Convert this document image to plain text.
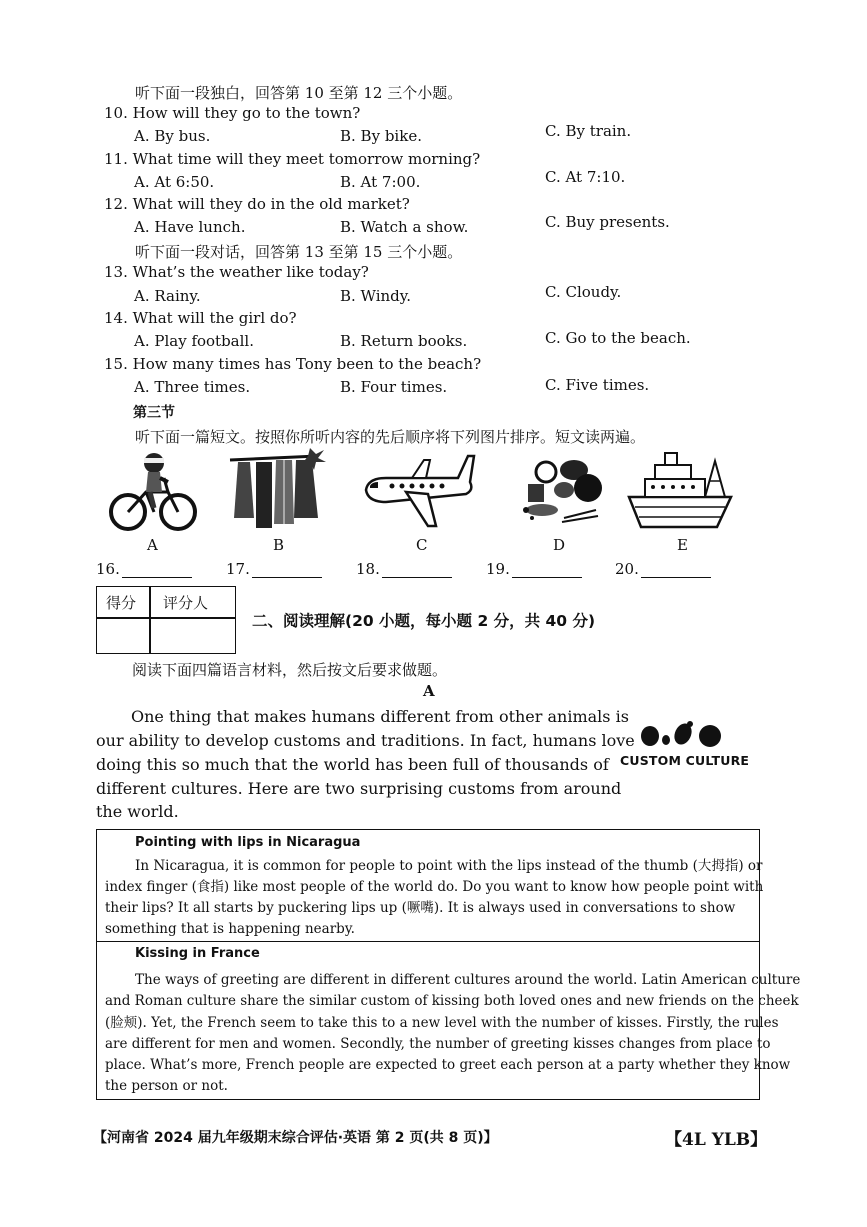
听下面一段独白，回答第 10 至第 12 三个小题。
10. How will they go to the town?
A. By bus.	B. By bike.	C. By train.
11. What time will they meet tomorrow morning?
A. At 6:50.	B. At 7:00.	C. At 7:10.
12. What will they do in the old market?
A. Have lunch.	B. Watch a show.	C. Buy presents.
听下面一段对话，回答第 13 至第 15 三个小题。
13. What’s the weather like today?
A. Rainy.	B. Windy.	C. Cloudy.
14. What will the girl do?
A. Play football.	B. Return books.	C. Go to the beach.
15. How many times has Tony been to the beach?
A. Three times.	B. Four times.	C. Five times.
第三节
听下面一篇短文。按照你所听内容的先后顺序将下列图片排序。短文读两遍。
A	B	C	D	E
16.	17.	18.	19.	20.
得分 评分人
二、阅读理解(20 小题，每小题 2 分，共 40 分)
阅读下面四篇语言材料，然后按文后要求做题。
A
One thing that makes humans different from other animals is
our ability to develop customs and traditions. In fact, humans love
doing this so much that the world has been full of thousands of
different cultures. Here are two surprising customs from around
the world.
CUSTOM CULTURE
Pointing with lips in Nicaragua
In Nicaragua, it is common for people to point with the lips instead of the thumb (大拇指) or
index finger (食指) like most people of the world do. Do you want to know how people point with
their lips? It all starts by puckering lips up (噘嘴). It is always used in conversations to show
something that is happening nearby.
Kissing in France
The ways of greeting are different in different cultures around the world. Latin American culture
and Roman culture share the similar custom of kissing both loved ones and new friends on the cheek
(脸颊). Yet, the French seem to take this to a new level with the number of kisses. Firstly, the rules
are different for men and women. Secondly, the number of greeting kisses changes from place to
place. What’s more, French people are expected to greet each person at a party whether they know
the person or not.
【河南省 2024 届九年级期末综合评估·英语 第 2 页(共 8 页)】	【4L YLB】
